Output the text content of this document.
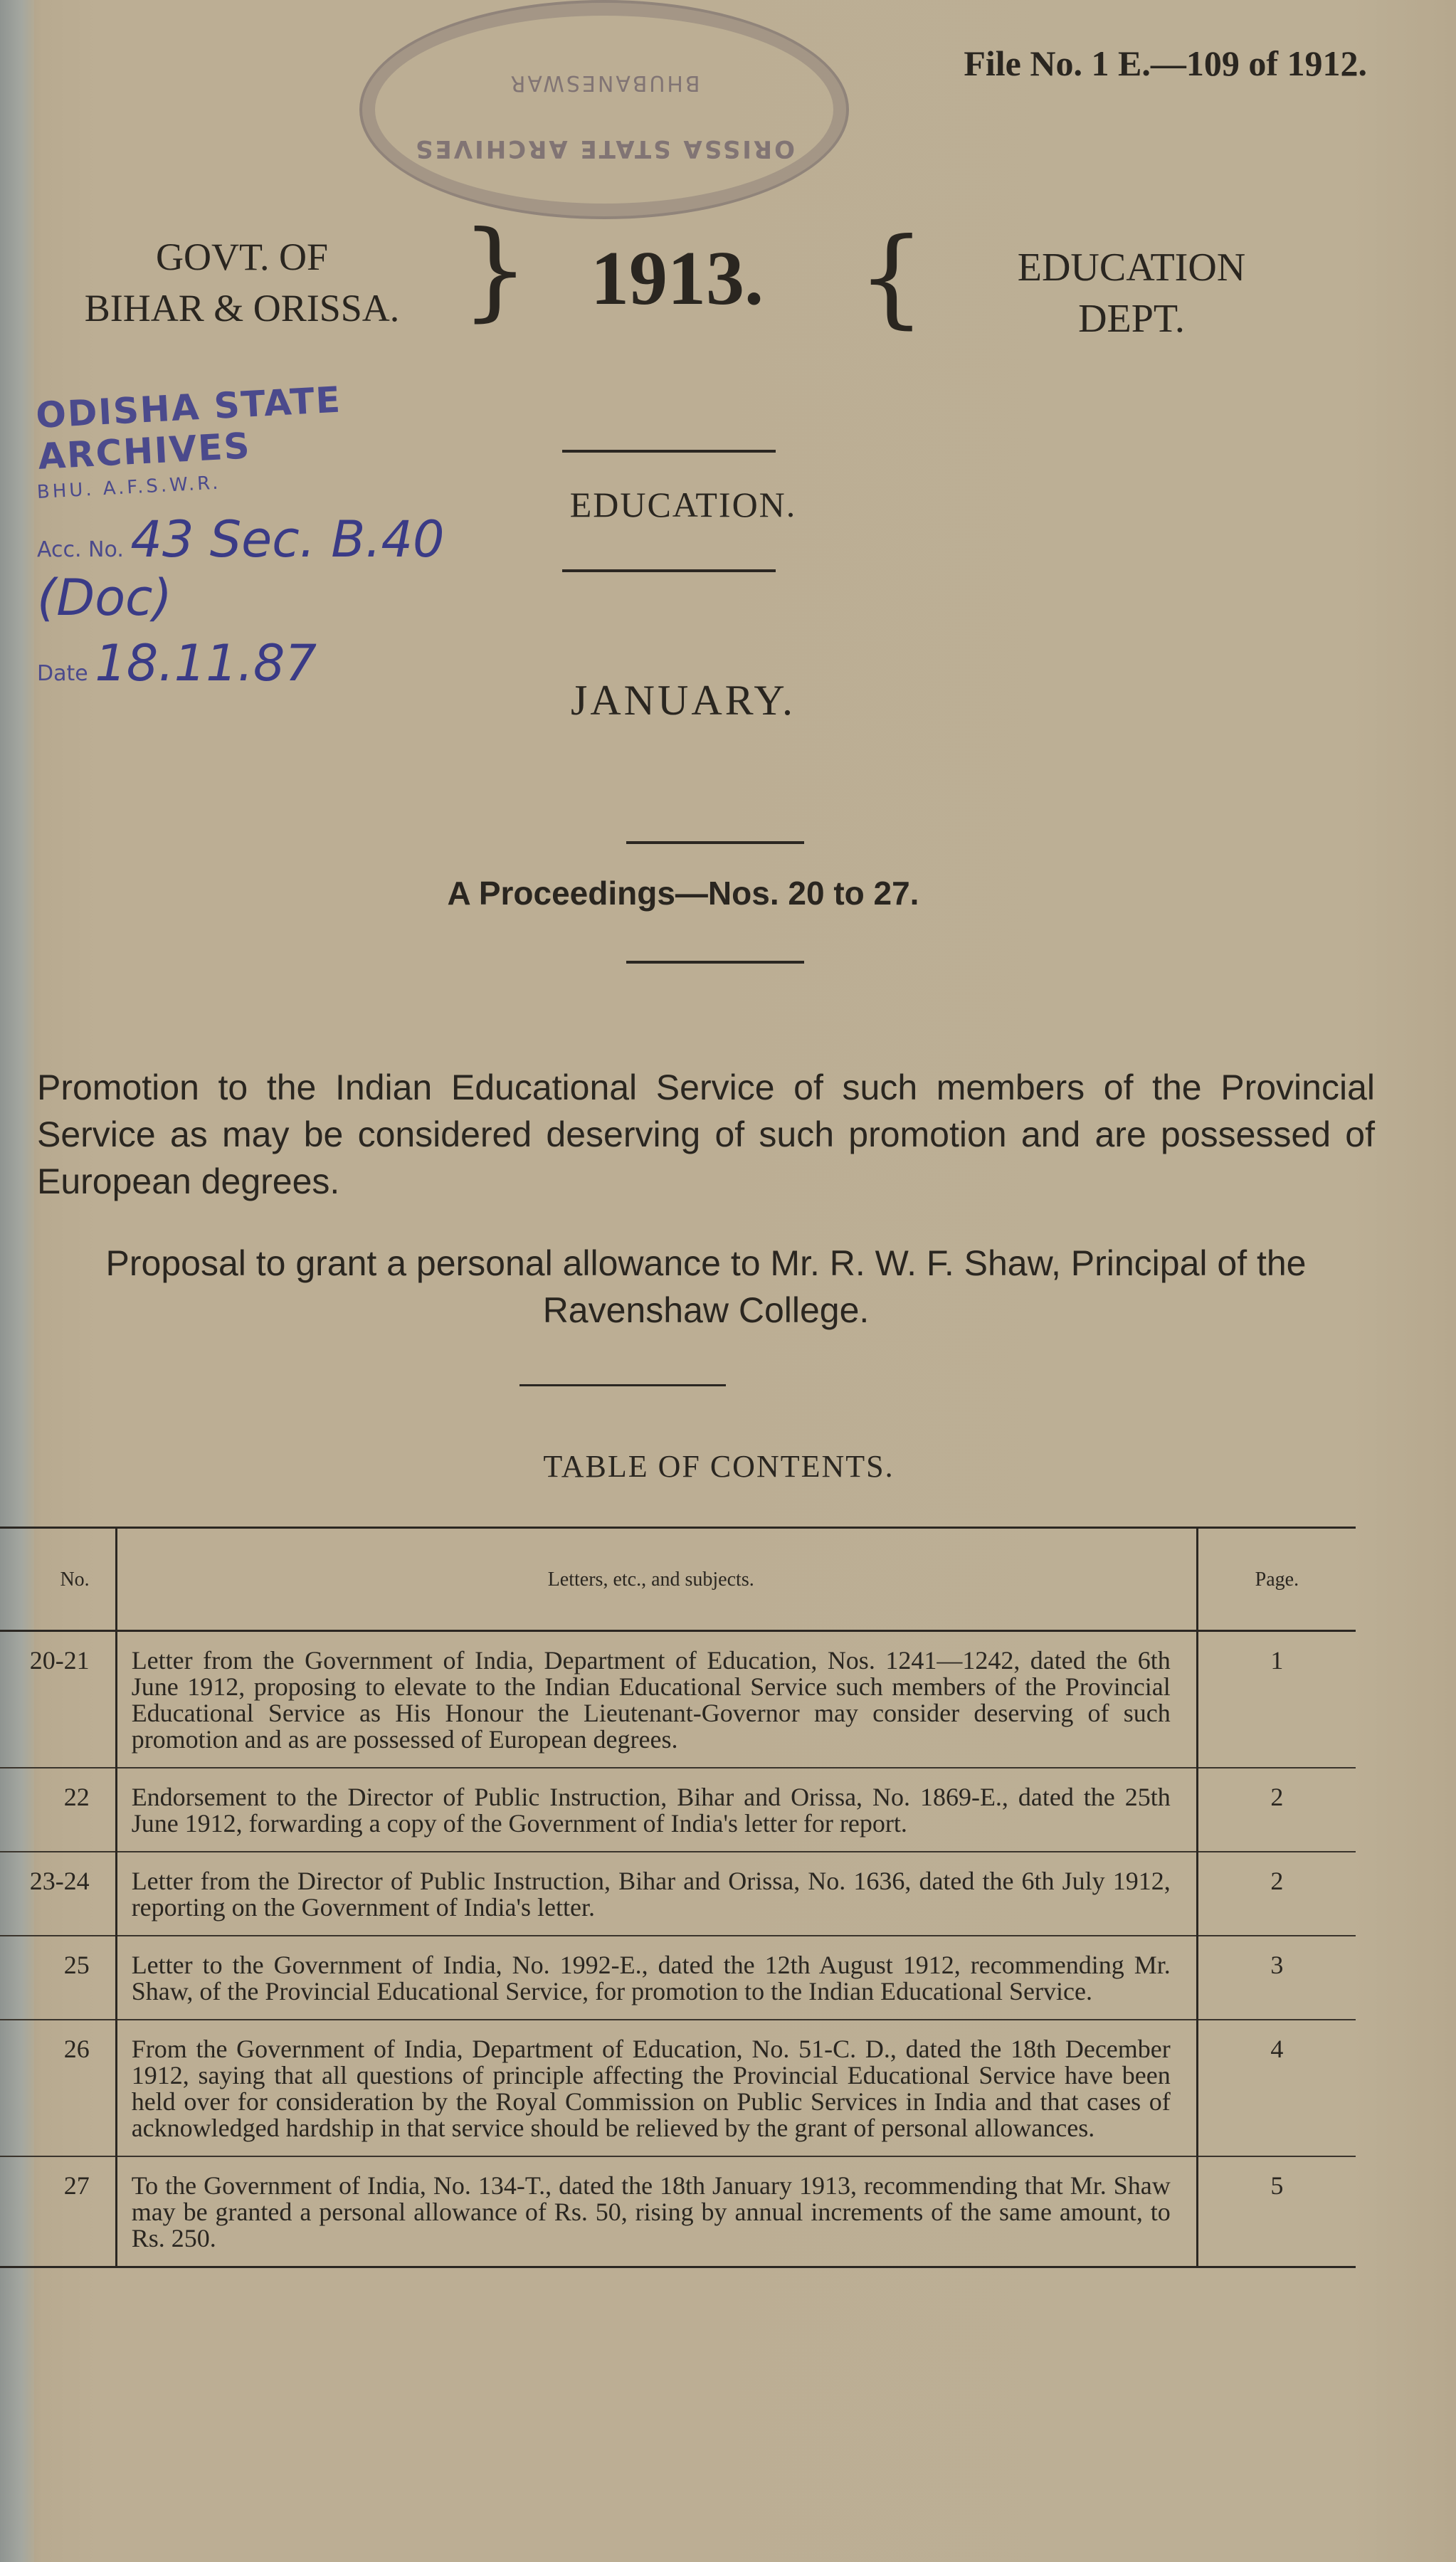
BHUBANESWAR
ORISSA STATE ARCHIVES
File No. 1 E.—109 of 1912.
GOVT. OF
BIHAR & ORISSA. } 1913. {	EDUCATION
DEPT.
ODISHA STATE ARCHIVES
BHU. A.F.S.W.R.
Acc. No. 43 Sec. B.40 (Doc)
Date 18.11.87
EDUCATION.
JANUARY.
A Proceedings—Nos. 20 to 27.
Promotion to the Indian Educational Service of such members of the Provincial Service as may be considered deserving of such promotion and are possessed of European degrees.
Proposal to grant a personal allowance to Mr. R. W. F. Shaw, Principal of the Ravenshaw College.
TABLE OF CONTENTS.
No.	Letters, etc., and subjects.	Page.
20-21	Letter from the Government of India, Department of Education, Nos. 1241—1242, dated the 6th June 1912, proposing to elevate to the Indian Educational Service such members of the Provincial Educational Service as His Honour the Lieutenant-Governor may consider deserving of such promotion and as are possessed of European degrees.	1
22	Endorsement to the Director of Public Instruction, Bihar and Orissa, No. 1869-E., dated the 25th June 1912, forwarding a copy of the Government of India's letter for report.	2
23-24	Letter from the Director of Public Instruction, Bihar and Orissa, No. 1636, dated the 6th July 1912, reporting on the Government of India's letter.	2
25	Letter to the Government of India, No. 1992-E., dated the 12th August 1912, recommending Mr. Shaw, of the Provincial Educational Service, for promotion to the Indian Educational Service.	3
26	From the Government of India, Department of Education, No. 51-C. D., dated the 18th December 1912, saying that all questions of principle affecting the Provincial Educational Service have been held over for consideration by the Royal Commission on Public Services in India and that cases of acknowledged hardship in that service should be relieved by the grant of personal allowances.	4
27	To the Government of India, No. 134-T., dated the 18th January 1913, recommending that Mr. Shaw may be granted a personal allowance of Rs. 50, rising by annual increments of the same amount, to Rs. 250.	5
